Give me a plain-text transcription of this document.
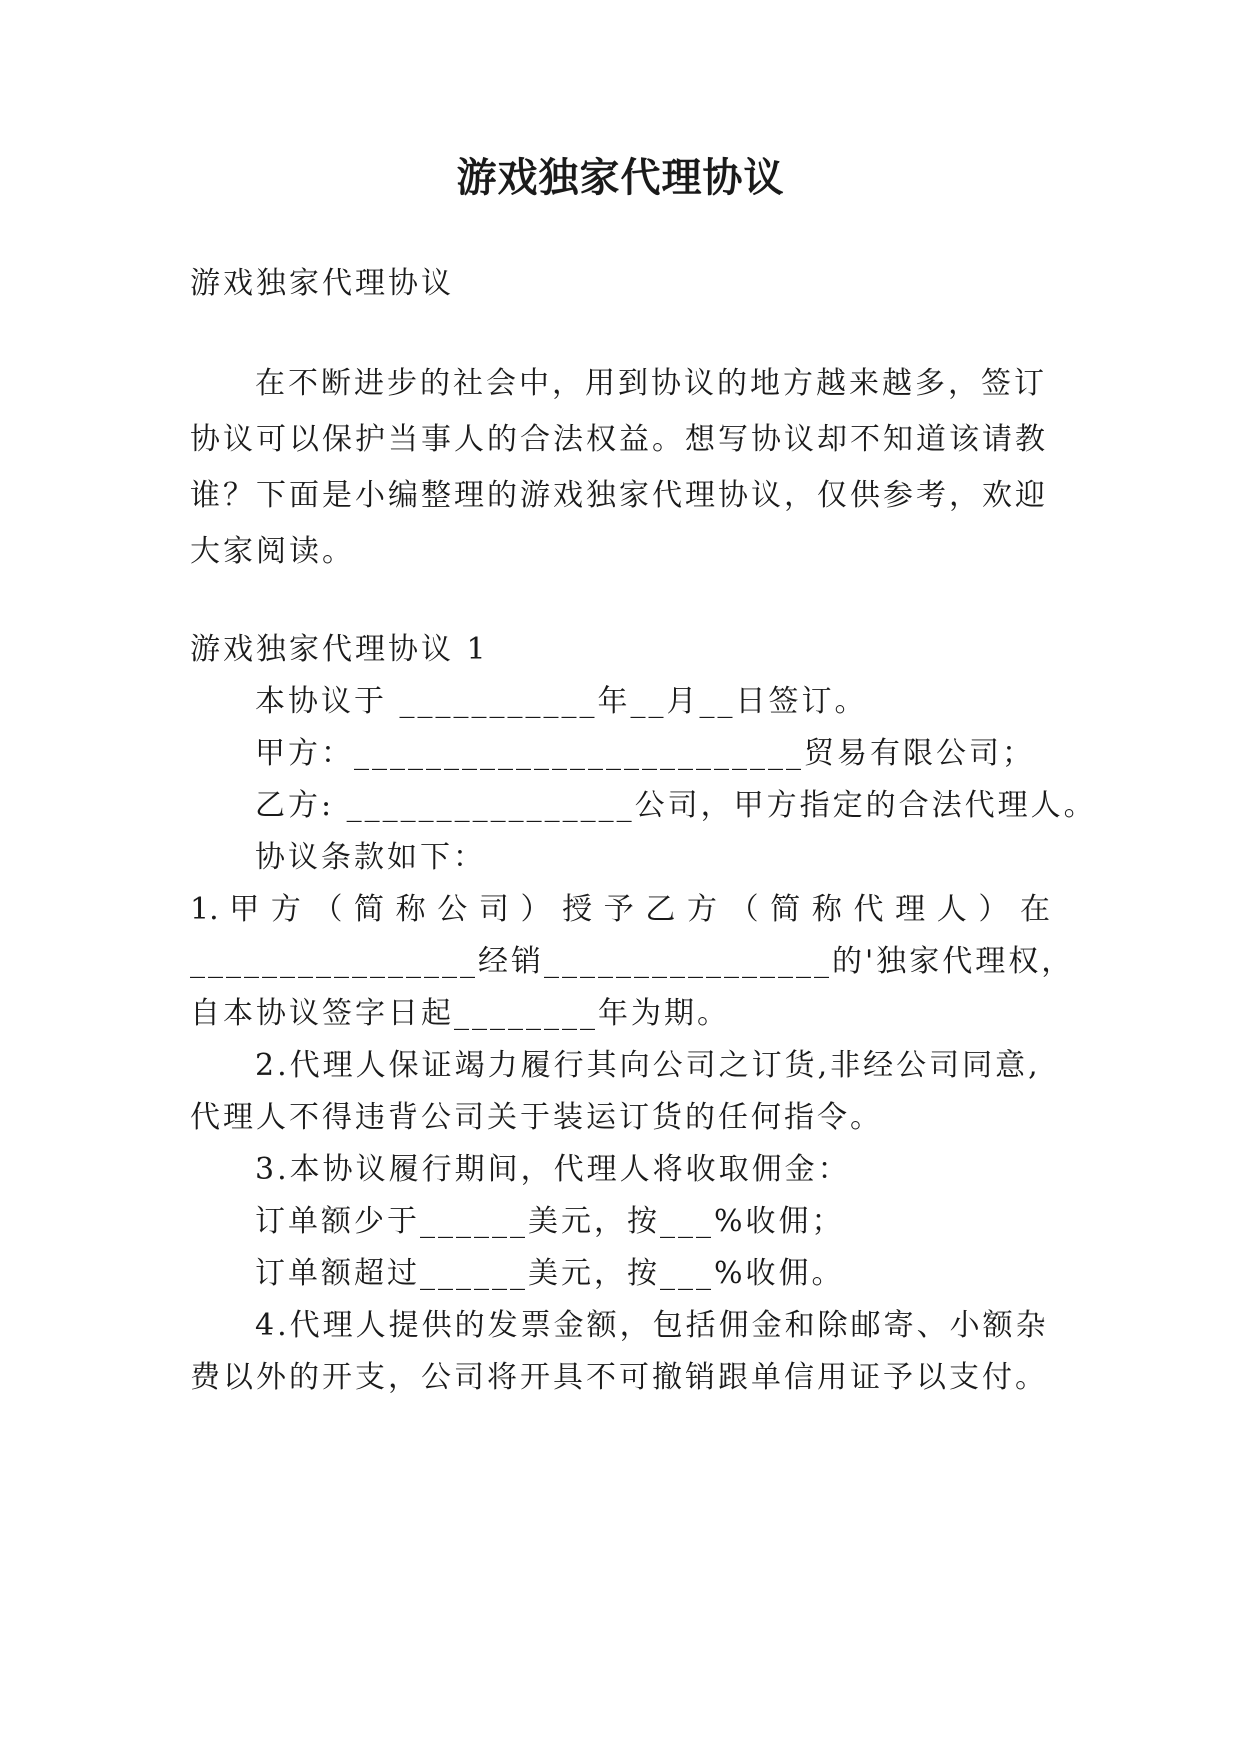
游戏独家代理协议
游戏独家代理协议
在不断进步的社会中，用到协议的地方越来越多，签订
协议可以保护当事人的合法权益。想写协议却不知道该请教
谁？下面是小编整理的游戏独家代理协议，仅供参考，欢迎
大家阅读。
游戏独家代理协议 1
本协议于 ___________年__月__日签订。
甲方：_________________________贸易有限公司；
乙方: ________________公司，甲方指定的合法代理人。
协议条款如下：
1. 甲 方 （ 简 称 公 司 ） 授 予 乙 方 （ 简 称 代 理 人 ） 在
________________经销________________的'独家代理权，
自本协议签字日起________年为期。
2.代理人保证竭力履行其向公司之订货,非经公司同意,
代理人不得违背公司关于装运订货的任何指令。
3.本协议履行期间，代理人将收取佣金：
订单额少于______美元，按___%收佣；
订单额超过______美元，按___%收佣。
4.代理人提供的发票金额，包括佣金和除邮寄、小额杂
费以外的开支，公司将开具不可撤销跟单信用证予以支付。
